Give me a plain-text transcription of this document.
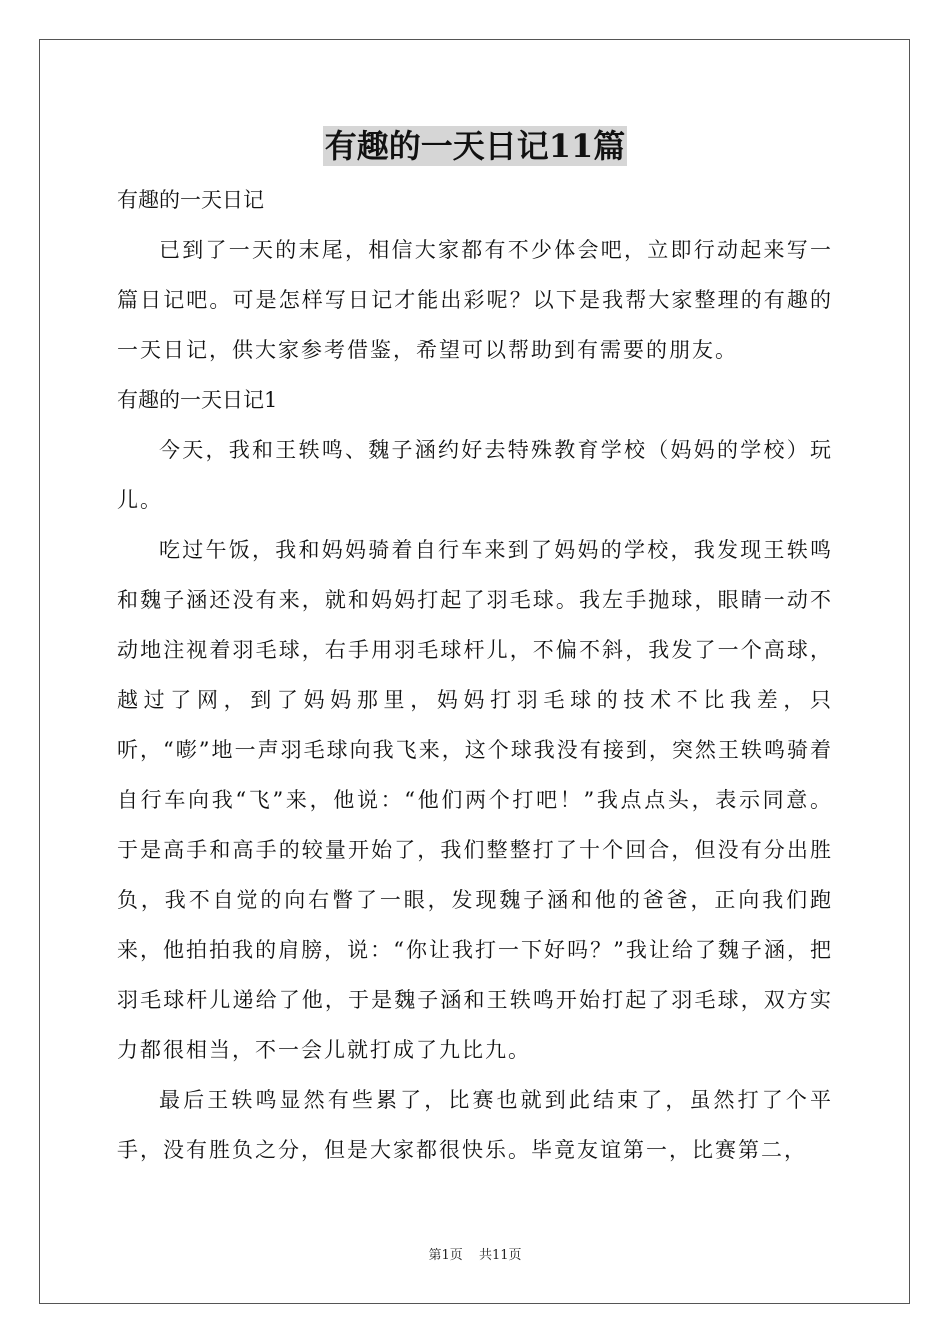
有趣的一天日记11篇

有趣的一天日记

已到了一天的末尾，相信大家都有不少体会吧，立即行动起来写一篇日记吧。可是怎样写日记才能出彩呢？以下是我帮大家整理的有趣的一天日记，供大家参考借鉴，希望可以帮助到有需要的朋友。

有趣的一天日记1

今天，我和王轶鸣、魏子涵约好去特殊教育学校（妈妈的学校）玩儿。

吃过午饭，我和妈妈骑着自行车来到了妈妈的学校，我发现王轶鸣和魏子涵还没有来，就和妈妈打起了羽毛球。我左手抛球，眼睛一动不动地注视着羽毛球，右手用羽毛球杆儿，不偏不斜，我发了一个高球，越过了网，到了妈妈那里，妈妈打羽毛球的技术不比我差，只听，“嘭”地一声羽毛球向我飞来，这个球我没有接到，突然王轶鸣骑着自行车向我“飞”来，他说：“他们两个打吧！”我点点头，表示同意。于是高手和高手的较量开始了，我们整整打了十个回合，但没有分出胜负，我不自觉的向右瞥了一眼，发现魏子涵和他的爸爸，正向我们跑来，他拍拍我的肩膀，说：“你让我打一下好吗？”我让给了魏子涵，把羽毛球杆儿递给了他，于是魏子涵和王轶鸣开始打起了羽毛球，双方实力都很相当，不一会儿就打成了九比九。

最后王轶鸣显然有些累了，比赛也就到此结束了，虽然打了个平手，没有胜负之分，但是大家都很快乐。毕竟友谊第一，比赛第二，

第1页 共11页
